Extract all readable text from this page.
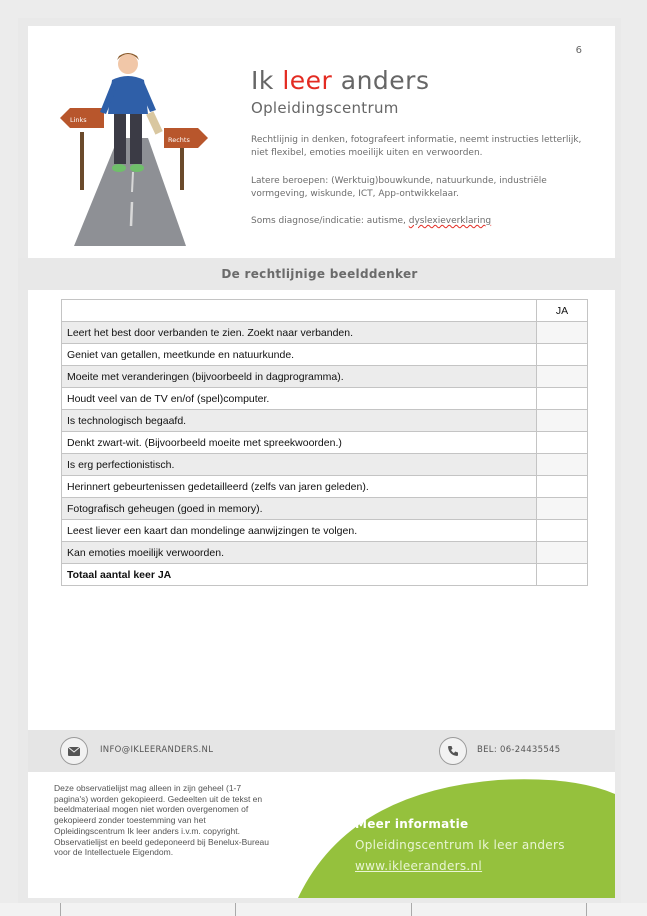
6
Links
Rechts
Ik leer anders
Opleidingscentrum
Rechtlijnig in denken, fotografeert informatie, neemt instructies letterlijk, niet flexibel, emoties moeilijk uiten en verwoorden.
Latere beroepen: (Werktuig)bouwkunde, natuurkunde, industriële vormgeving, wiskunde, ICT, App-ontwikkelaar.
Soms diagnose/indicatie: autisme, dyslexieverklaring
De rechtlijnige beelddenker
	JA
Leert het best door verbanden te zien. Zoekt naar verbanden.	
Geniet van getallen, meetkunde en natuurkunde.	
Moeite met veranderingen (bijvoorbeeld in dagprogramma).	
Houdt veel van de TV en/of (spel)computer.	
Is technologisch begaafd.	
Denkt zwart-wit. (Bijvoorbeeld moeite met spreekwoorden.)	
Is erg perfectionistisch.	
Herinnert gebeurtenissen gedetailleerd (zelfs van jaren geleden).	
Fotografisch geheugen (goed in memory).	
Leest liever een kaart dan mondelinge aanwijzingen te volgen.	
Kan emoties moeilijk verwoorden.	
Totaal aantal keer JA	
INFO@IKLEERANDERS.NL	BEL: 06-24435545
Deze observatielijst mag alleen in zijn geheel (1-7 pagina's) worden gekopieerd. Gedeelten uit de tekst en beeldmateriaal mogen niet worden overgenomen of gekopieerd zonder toestemming van het Opleidingscentrum Ik leer anders i.v.m. copyright. Observatielijst en beeld gedeponeerd bij Benelux-Bureau voor de Intellectuele Eigendom.
Meer informatie
Opleidingscentrum Ik leer anders
www.ikleeranders.nl
